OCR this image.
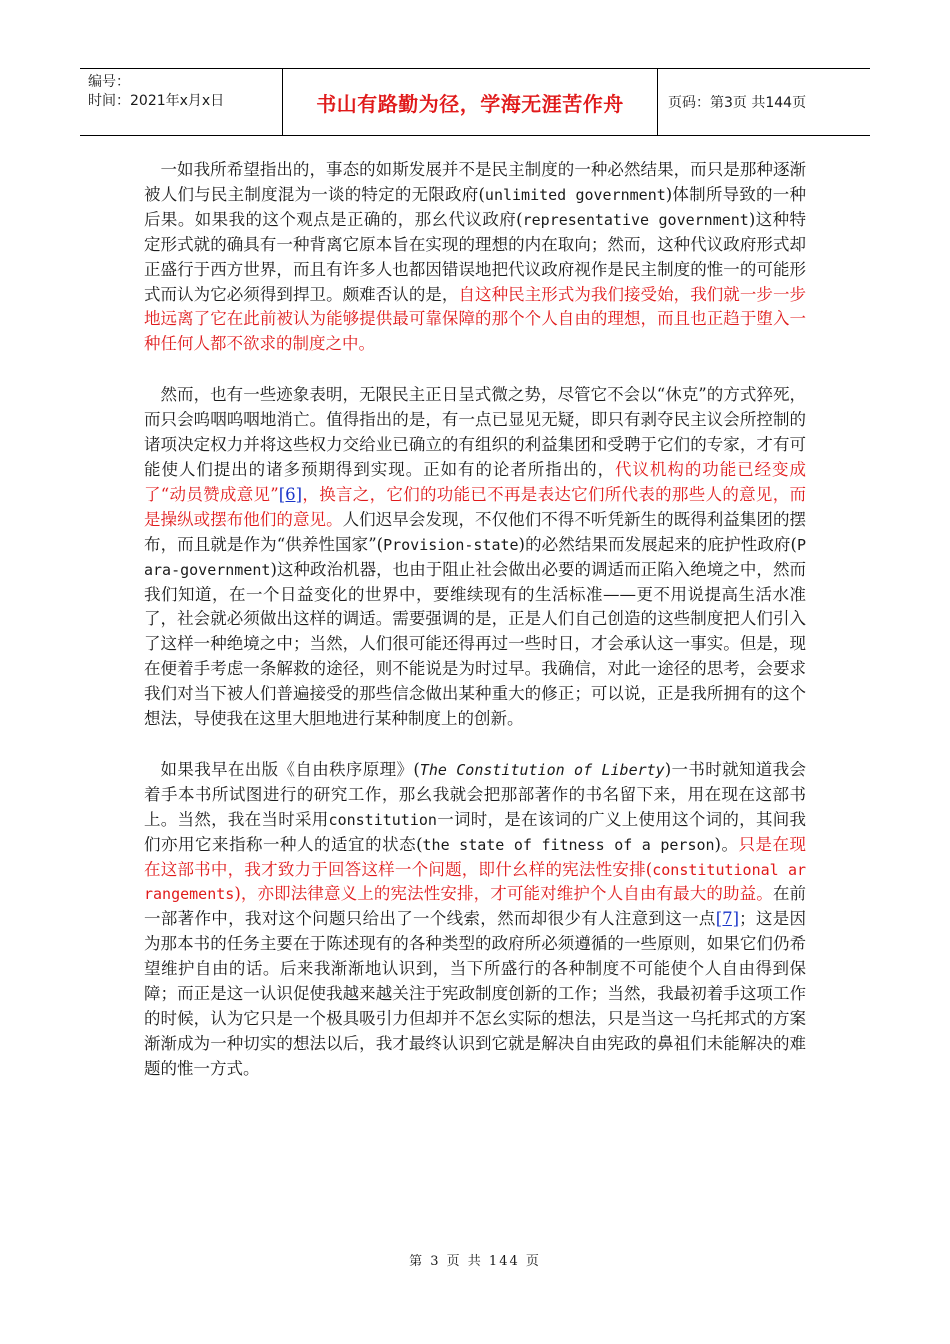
编号：
时间：2021年x月x日	书山有路勤为径，学海无涯苦作舟	页码：第3页 共144页

一如我所希望指出的，事态的如斯发展并不是民主制度的一种必然结果，而只是那种逐渐被人们与民主制度混为一谈的特定的无限政府(unlimited government)体制所导致的一种后果。如果我的这个观点是正确的，那幺代议政府(representative government)这种特定形式就的确具有一种背离它原本旨在实现的理想的内在取向；然而，这种代议政府形式却正盛行于西方世界，而且有许多人也都因错误地把代议政府视作是民主制度的惟一的可能形式而认为它必须得到捍卫。颇难否认的是，自这种民主形式为我们接受始，我们就一步一步地远离了它在此前被认为能够提供最可靠保障的那个个人自由的理想，而且也正趋于堕入一种任何人都不欲求的制度之中。

然而，也有一些迹象表明，无限民主正日呈式微之势，尽管它不会以“休克”的方式猝死，而只会呜咽呜咽地消亡。值得指出的是，有一点已显见无疑，即只有剥夺民主议会所控制的诸项决定权力并将这些权力交给业已确立的有组织的利益集团和受聘于它们的专家，才有可能使人们提出的诸多预期得到实现。正如有的论者所指出的，代议机构的功能已经变成了“动员赞成意见”[6]，换言之，它们的功能已不再是表达它们所代表的那些人的意见，而是操纵或摆布他们的意见。人们迟早会发现，不仅他们不得不听凭新生的既得利益集团的摆布，而且就是作为“供养性国家”(Provision-state)的必然结果而发展起来的庇护性政府(Para-government)这种政治机器，也由于阻止社会做出必要的调适而正陷入绝境之中，然而我们知道，在一个日益变化的世界中，要维续现有的生活标准——更不用说提高生活水准了，社会就必须做出这样的调适。需要强调的是，正是人们自己创造的这些制度把人们引入了这样一种绝境之中；当然，人们很可能还得再过一些时日，才会承认这一事实。但是，现在便着手考虑一条解救的途径，则不能说是为时过早。我确信，对此一途径的思考，会要求我们对当下被人们普遍接受的那些信念做出某种重大的修正；可以说，正是我所拥有的这个想法，导使我在这里大胆地进行某种制度上的创新。

如果我早在出版《自由秩序原理》(The Constitution of Liberty)一书时就知道我会着手本书所试图进行的研究工作，那幺我就会把那部著作的书名留下来，用在现在这部书上。当然，我在当时采用constitution一词时，是在该词的广义上使用这个词的，其间我们亦用它来指称一种人的适宜的状态(the state of fitness of a person)。只是在现在这部书中，我才致力于回答这样一个问题，即什幺样的宪法性安排(constitutional arrangements)，亦即法律意义上的宪法性安排，才可能对维护个人自由有最大的助益。在前一部著作中，我对这个问题只给出了一个线索，然而却很少有人注意到这一点[7]；这是因为那本书的任务主要在于陈述现有的各种类型的政府所必须遵循的一些原则，如果它们仍希望维护自由的话。后来我渐渐地认识到，当下所盛行的各种制度不可能使个人自由得到保障；而正是这一认识促使我越来越关注于宪政制度创新的工作；当然，我最初着手这项工作的时候，认为它只是一个极具吸引力但却并不怎幺实际的想法，只是当这一乌托邦式的方案渐渐成为一种切实的想法以后，我才最终认识到它就是解决自由宪政的鼻祖们未能解决的难题的惟一方式。

第 3 页 共 144 页
